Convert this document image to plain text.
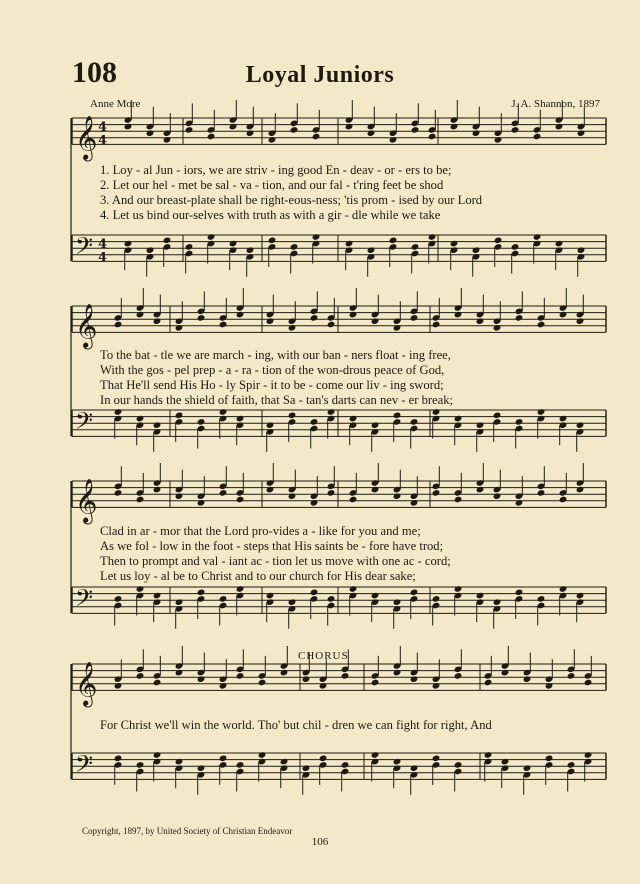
108	Loyal Juniors
Anne More	J. A. Shannon, 1897
𝄞 4
4
𝄢 4
4
𝄞
𝄢
𝄞
𝄢
𝄞
𝄢
1. Loy - al Jun - iors, we are striv - ing good En - deav - or - ers to be;
2. Let our hel - met be sal - va - tion, and our fal - t'ring feet be shod
3. And our breast-plate shall be right-eous-ness; 'tis prom - ised by our Lord
4. Let us bind our-selves with truth as with a gir - dle while we take
To the bat - tle we are march - ing, with our ban - ners float - ing free,
With the gos - pel prep - a - ra - tion of the won-drous peace of God,
That He'll send His Ho - ly Spir - it to be - come our liv - ing sword;
In our hands the shield of faith, that Sa - tan's darts can nev - er break;
Clad in ar - mor that the Lord pro-vides a - like for you and me;
As we fol - low in the foot - steps that His saints be - fore have trod;
Then to prompt and val - iant ac - tion let us move with one ac - cord;
Let us loy - al be to Christ and to our church for His dear sake;
CHORUS
For Christ we'll win the world. Tho' but chil - dren we can fight for right, And
Copyright, 1897, by United Society of Christian Endeavor
106
